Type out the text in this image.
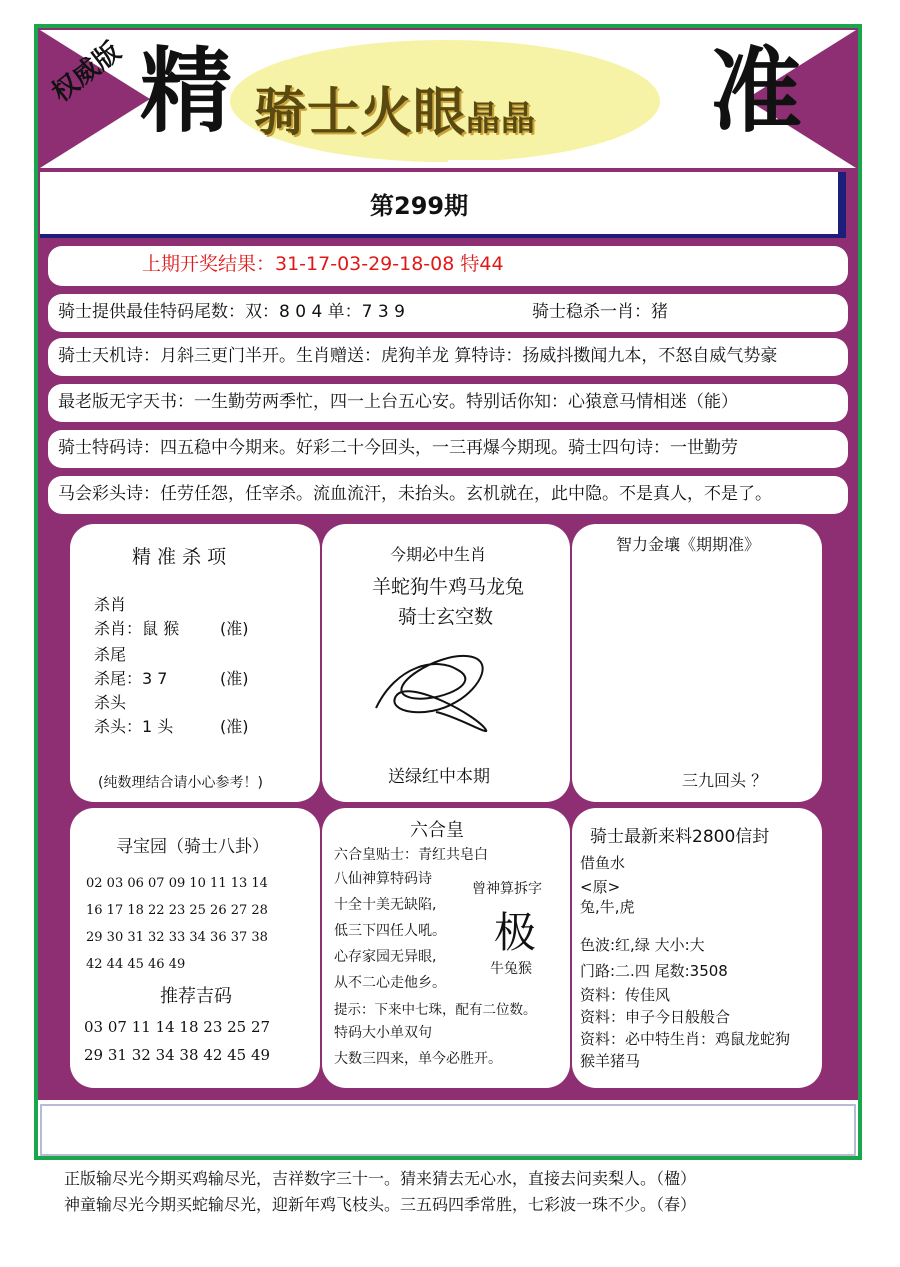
权威版 精 骑士火眼晶晶 准
第299期
上期开奖结果：31-17-03-29-18-08 特44
骑士提供最佳特码尾数：双：8 0 4 单：7 3 9	骑士稳杀一肖：猪
骑士天机诗：月斜三更门半开。生肖赠送：虎狗羊龙 算特诗：扬威抖擞闻九本，不怒自威气势豪
最老版无字天书：一生勤劳两季忙，四一上台五心安。特别话你知：心猿意马情相迷（能）
骑士特码诗：四五稳中今期来。好彩二十今回头，一三再爆今期现。骑士四句诗：一世勤劳
马会彩头诗：任劳任怨，任宰杀。流血流汗，未抬头。玄机就在，此中隐。不是真人，不是了。
精 准 杀 项
杀肖
杀肖：鼠 猴	(准)
杀尾
杀尾：3 7	(准)
杀头
杀头：1 头	(准)
(纯数理结合请小心参考！)
今期必中生肖
羊蛇狗牛鸡马龙兔
骑士玄空数
送绿红中本期
智力金壤《期期准》
三九回头 ？
寻宝园（骑士八卦）
02 03 06 07 09 10 11 13 14
16 17 18 22 23 25 26 27 28
29 30 31 32 33 34 36 37 38
42 44 45 46 49
推荐吉码
03 07 11 14 18 23 25 27
29 31 32 34 38 42 45 49
六合皇
六合皇贴士：青红共皂白
八仙神算特码诗
十全十美无缺陷,
低三下四任人吼。
心存家园无异眼,
从不二心走他乡。
提示：下来中七珠，配有二位数。
特码大小单双句
大数三四来，单今必胜开。
曾神算拆字
极
牛兔猴
骑士最新来料2800信封
借鱼水
<原>
兔,牛,虎
色波:红,绿 大小:大
门路:二.四 尾数:3508
资料：传佳风
资料：申子今日般般合
资料：必中特生肖：鸡鼠龙蛇狗
猴羊猪马
正版输尽光今期买鸡输尽光，吉祥数字三十一。猜来猜去无心水，直接去问卖梨人。（楹）
神童输尽光今期买蛇输尽光，迎新年鸡飞枝头。三五码四季常胜，七彩波一珠不少。（春）
